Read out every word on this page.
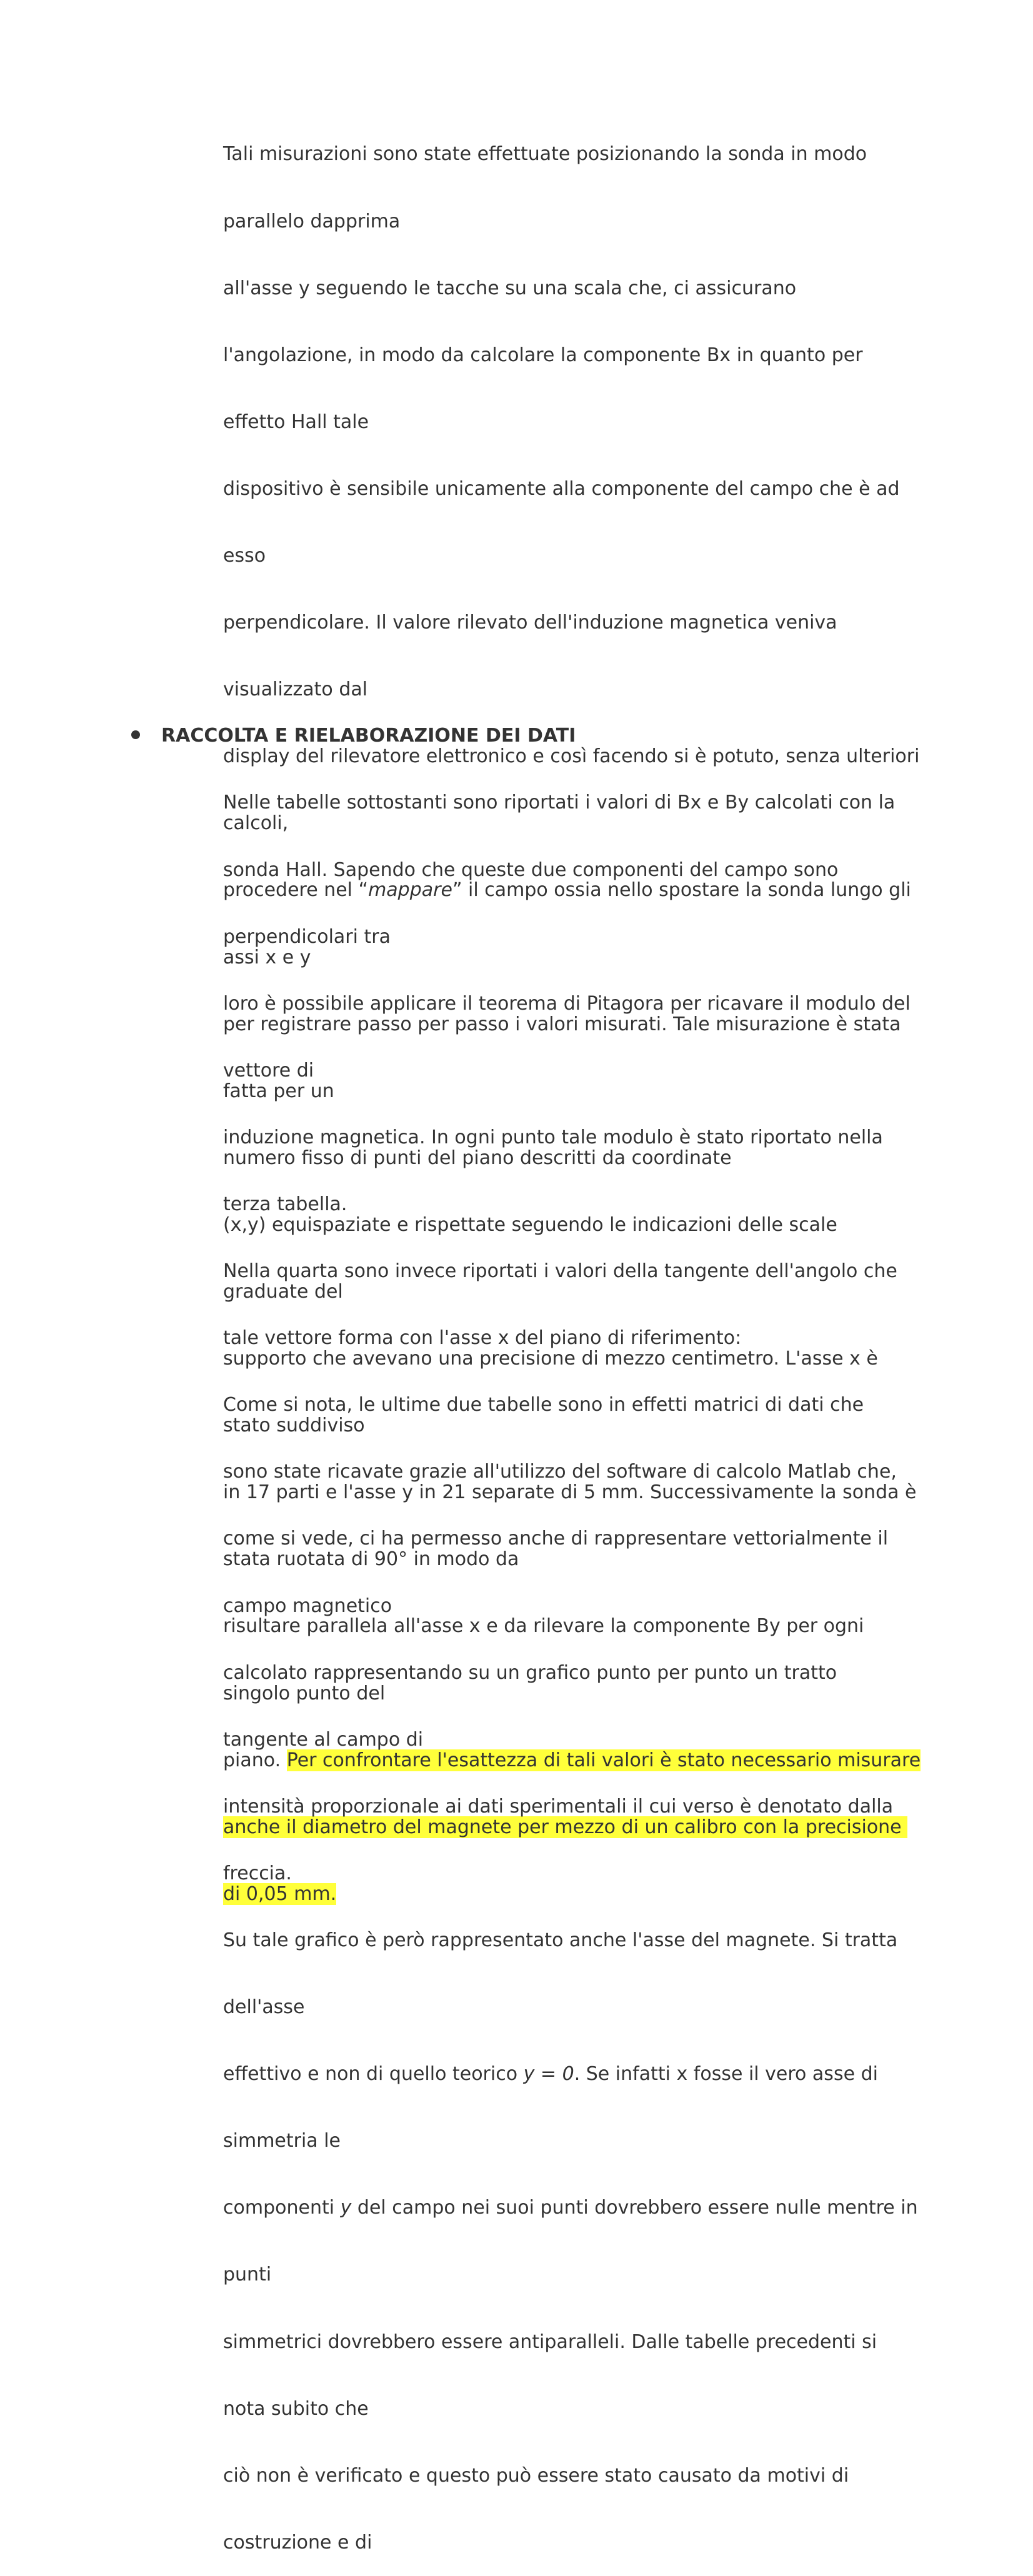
Tali misurazioni sono state effettuate posizionando la sonda in modo

parallelo dapprima

all'asse y seguendo le tacche su una scala che, ci assicurano

l'angolazione, in modo da calcolare la componente Bx in quanto per

effetto Hall tale

dispositivo è sensibile unicamente alla componente del campo che è ad

esso

perpendicolare. Il valore rilevato dell'induzione magnetica veniva

visualizzato dal

display del rilevatore elettronico e così facendo si è potuto, senza ulteriori

calcoli,

procedere nel “mappare” il campo ossia nello spostare la sonda lungo gli

assi x e y

per registrare passo per passo i valori misurati. Tale misurazione è stata

fatta per un

numero fisso di punti del piano descritti da coordinate

(x,y) equispaziate e rispettate seguendo le indicazioni delle scale

graduate del

supporto che avevano una precisione di mezzo centimetro. L'asse x è

stato suddiviso

in 17 parti e l'asse y in 21 separate di 5 mm. Successivamente la sonda è

stata ruotata di 90° in modo da

risultare parallela all'asse x e da rilevare la componente By per ogni

singolo punto del

piano. Per confrontare l'esattezza di tali valori è stato necessario misurare

anche il diametro del magnete per mezzo di un calibro con la precisione

di 0,05 mm.

RACCOLTA E RIELABORAZIONE DEI DATI

Nelle tabelle sottostanti sono riportati i valori di Bx e By calcolati con la

sonda Hall. Sapendo che queste due componenti del campo sono

perpendicolari tra

loro è possibile applicare il teorema di Pitagora per ricavare il modulo del

vettore di

induzione magnetica. In ogni punto tale modulo è stato riportato nella

terza tabella.

Nella quarta sono invece riportati i valori della tangente dell'angolo che

tale vettore forma con l'asse x del piano di riferimento:

Come si nota, le ultime due tabelle sono in effetti matrici di dati che

sono state ricavate grazie all'utilizzo del software di calcolo Matlab che,

come si vede, ci ha permesso anche di rappresentare vettorialmente il

campo magnetico

calcolato rappresentando su un grafico punto per punto un tratto

tangente al campo di

intensità proporzionale ai dati sperimentali il cui verso è denotato dalla

freccia.

Su tale grafico è però rappresentato anche l'asse del magnete. Si tratta

dell'asse

effettivo e non di quello teorico y = 0. Se infatti x fosse il vero asse di

simmetria le

componenti y del campo nei suoi punti dovrebbero essere nulle mentre in

punti

simmetrici dovrebbero essere antiparalleli. Dalle tabelle precedenti si

nota subito che

ciò non è verificato e questo può essere stato causato da motivi di

costruzione e di
